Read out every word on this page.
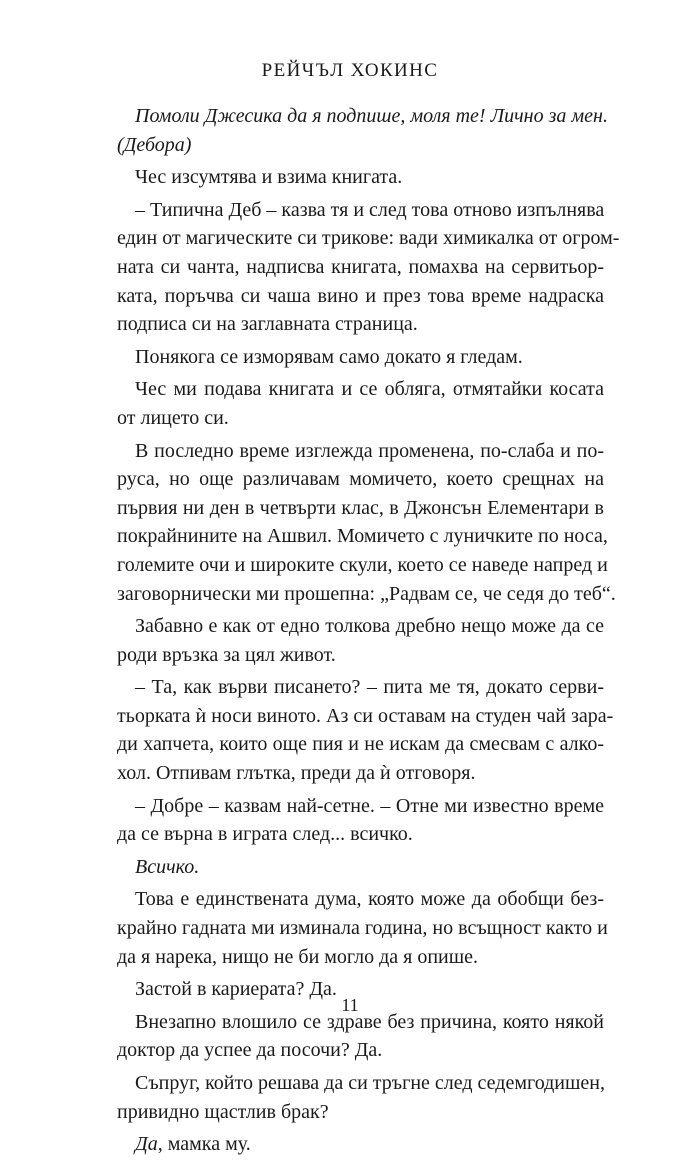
РЕЙЧЪЛ ХОКИНС

Помоли Джесика да я подпише, моля те! Лично за мен.
(Дебора)

Чес изсумтява и взима книгата.

– Типична Деб – казва тя и след това отново изпълнява
един от магическите си трикове: вади химикалка от огром-
ната си чанта, надписва книгата, помахва на сервитьор-
ката, поръчва си чаша вино и през това време надраска
подписа си на заглавната страница.

Понякога се изморявам само докато я гледам.

Чес ми подава книгата и се обляга, отмятайки косата
от лицето си.

В последно време изглежда променена, по-слаба и по-
руса, но още различавам момичето, което срещнах на
първия ни ден в четвърти клас, в Джонсън Елементари в
покрайнините на Ашвил. Момичето с луничките по носа,
големите очи и широките скули, което се наведе напред и
заговорнически ми прошепна: „Радвам се, че седя до теб“.

Забавно е как от едно толкова дребно нещо може да се
роди връзка за цял живот.

– Та, как върви писането? – пита ме тя, докато серви-
тьорката ѝ носи виното. Аз си оставам на студен чай зара-
ди хапчета, които още пия и не искам да смесвам с алко-
хол. Отпивам глътка, преди да ѝ отговоря.

– Добре – казвам най-сетне. – Отне ми известно време
да се върна в играта след... всичко.

Всичко.

Това е единствената дума, която може да обобщи без-
крайно гадната ми изминала година, но всъщност както и
да я нарека, нищо не би могло да я опише.

Застой в кариерата? Да.

Внезапно влошило се здраве без причина, която някой
доктор да успее да посочи? Да.

Съпруг, който решава да си тръгне след седемгодишен,
привидно щастлив брак?

Да, мамка му.

11
